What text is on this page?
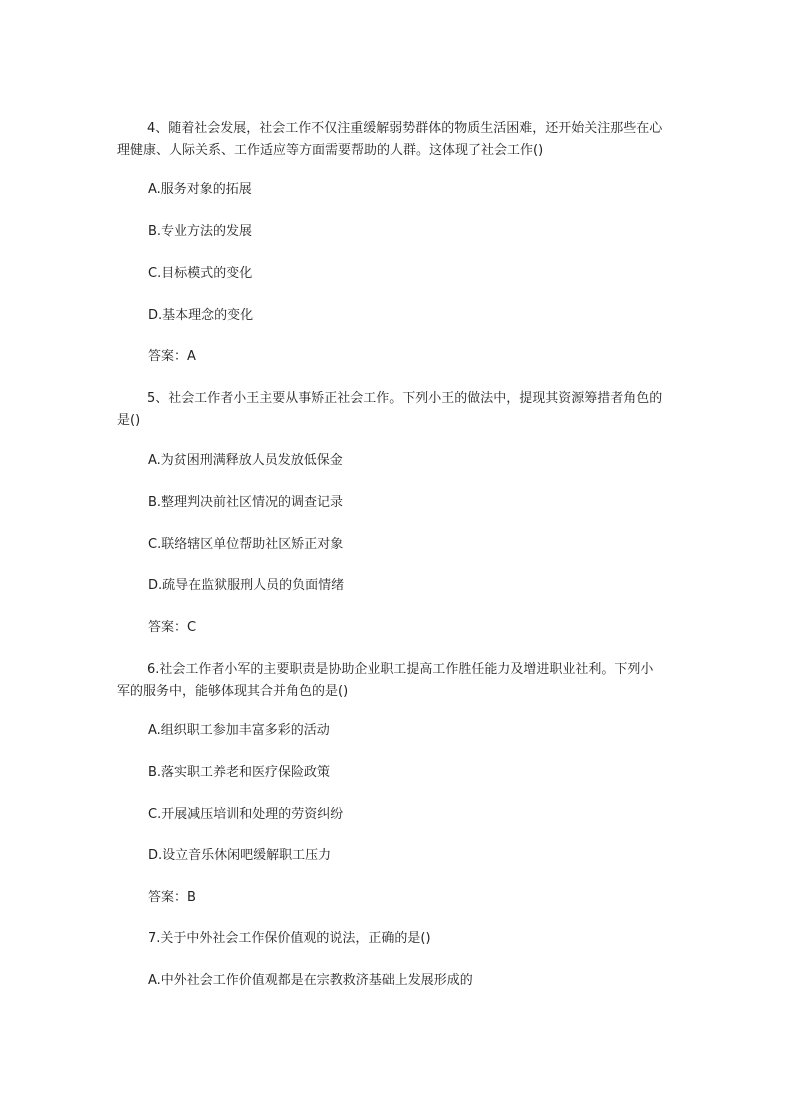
4、随着社会发展，社会工作不仅注重缓解弱势群体的物质生活困难，还开始关注那些在心理健康、人际关系、工作适应等方面需要帮助的人群。这体现了社会工作()

A.服务对象的拓展

B.专业方法的发展

C.目标模式的变化

D.基本理念的变化

答案：A

5、社会工作者小王主要从事矫正社会工作。下列小王的做法中，提现其资源筹措者角色的是()

A.为贫困刑满释放人员发放低保金

B.整理判决前社区情况的调查记录

C.联络辖区单位帮助社区矫正对象

D.疏导在监狱服刑人员的负面情绪

答案：C

6.社会工作者小军的主要职责是协助企业职工提高工作胜任能力及增进职业社利。下列小军的服务中，能够体现其合并角色的是()

A.组织职工参加丰富多彩的活动

B.落实职工养老和医疗保险政策

C.开展减压培训和处理的劳资纠纷

D.设立音乐休闲吧缓解职工压力

答案：B

7.关于中外社会工作保价值观的说法，正确的是()

A.中外社会工作价值观都是在宗教救济基础上发展形成的
